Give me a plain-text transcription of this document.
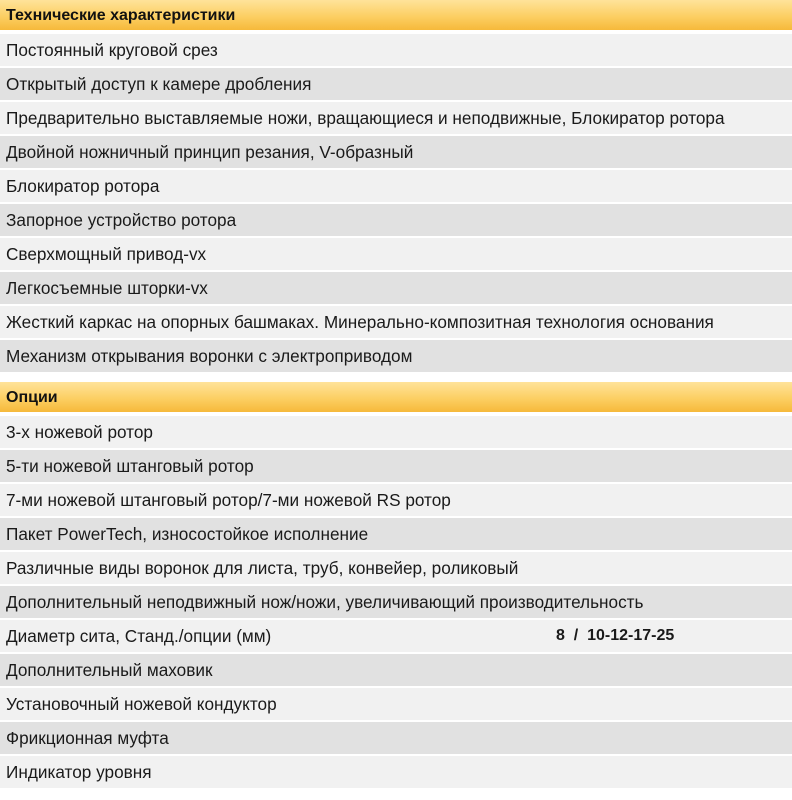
Технические характеристики
Постоянный круговой срез
Открытый доступ к камере дробления
Предварительно выставляемые ножи, вращающиеся и неподвижные, Блокиратор ротора
Двойной ножничный принцип резания, V-образный
Блокиратор ротора
Запорное устройство ротора
Сверхмощный привод-vx
Легкосъемные шторки-vx
Жесткий каркас на опорных башмаках. Минерально-композитная технология основания
Механизм открывания воронки с электроприводом
Опции
3-х ножевой ротор
5-ти ножевой штанговый ротор
7-ми ножевой штанговый ротор/7-ми ножевой RS ротор
Пакет PowerTech, износостойкое исполнение
Различные виды воронок для листа, труб, конвейер, роликовый
Дополнительный неподвижный нож/ножи, увеличивающий производительность
Диаметр сита, Станд./опции (мм)	8  /  10-12-17-25
Дополнительный маховик
Установочный ножевой кондуктор
Фрикционная муфта
Индикатор уровня
